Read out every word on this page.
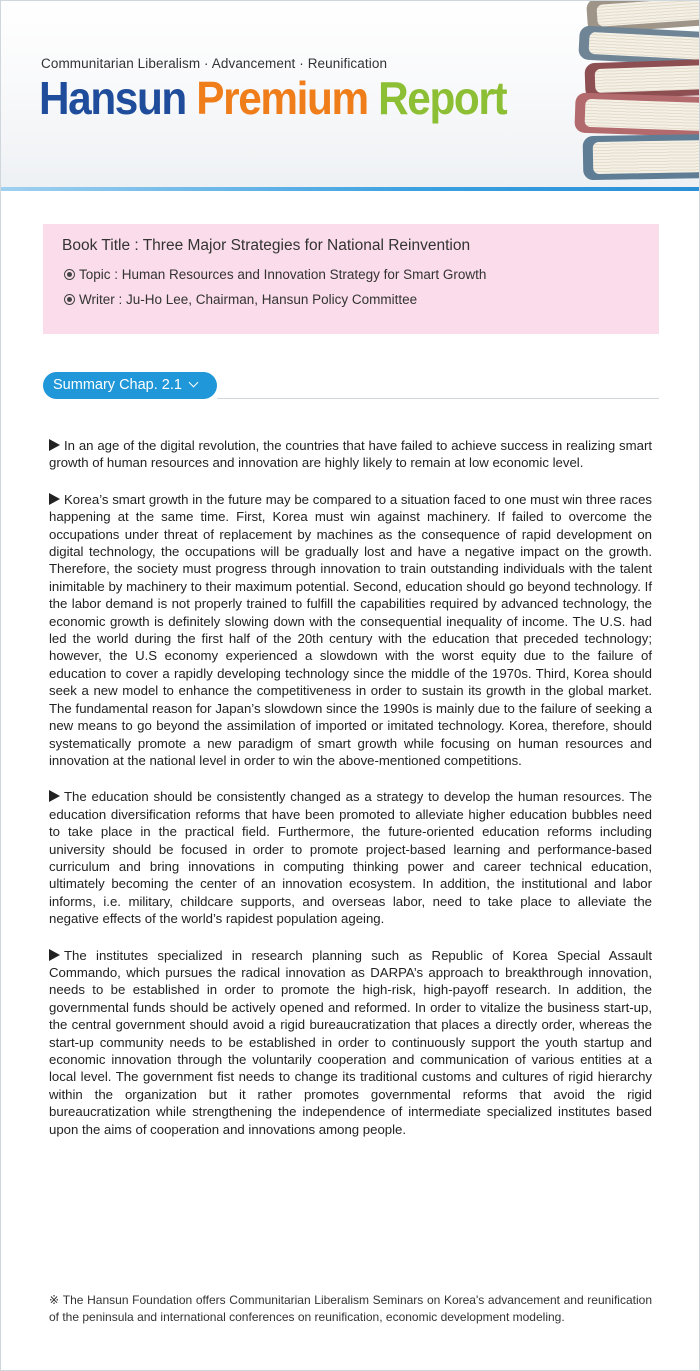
Communitarian Liberalism · Advancement · Reunification
Hansun Premium Report
Book Title : Three Major Strategies for National Reinvention
Topic : Human Resources and Innovation Strategy for Smart Growth
Writer : Ju-Ho Lee, Chairman, Hansun Policy Committee
Summary Chap. 2.1

In an age of the digital revolution, the countries that have failed to achieve success in realizing smart growth of human resources and innovation are highly likely to remain at low economic level.

Korea’s smart growth in the future may be compared to a situation faced to one must win three races happening at the same time. First, Korea must win against machinery. If failed to overcome the occupations under threat of replacement by machines as the consequence of rapid development on digital technology, the occupations will be gradually lost and have a negative impact on the growth. Therefore, the society must progress through innovation to train outstanding individuals with the talent inimitable by machinery to their maximum potential. Second, education should go beyond technology. If the labor demand is not properly trained to fulfill the capabilities required by advanced technology, the economic growth is definitely slowing down with the consequential inequality of income. The U.S. had led the world during the first half of the 20th century with the education that preceded technology; however, the U.S economy experienced a slowdown with the worst equity due to the failure of education to cover a rapidly developing technology since the middle of the 1970s. Third, Korea should seek a new model to enhance the competitiveness in order to sustain its growth in the global market. The fundamental reason for Japan’s slowdown since the 1990s is mainly due to the failure of seeking a new means to go beyond the assimilation of imported or imitated technology. Korea, therefore, should systematically promote a new paradigm of smart growth while focusing on human resources and innovation at the national level in order to win the above-mentioned competitions.

The education should be consistently changed as a strategy to develop the human resources. The education diversification reforms that have been promoted to alleviate higher education bubbles need to take place in the practical field. Furthermore, the future-oriented education reforms including university should be focused in order to promote project-based learning and performance-based curriculum and bring innovations in computing thinking power and career technical education, ultimately becoming the center of an innovation ecosystem. In addition, the institutional and labor informs, i.e. military, childcare supports, and overseas labor, need to take place to alleviate the negative effects of the world’s rapidest population ageing.

The institutes specialized in research planning such as Republic of Korea Special Assault Commando, which pursues the radical innovation as DARPA’s approach to breakthrough innovation, needs to be established in order to promote the high-risk, high-payoff research. In addition, the governmental funds should be actively opened and reformed. In order to vitalize the business start-up, the central government should avoid a rigid bureaucratization that places a directly order, whereas the start-up community needs to be established in order to continuously support the youth startup and economic innovation through the voluntarily cooperation and communication of various entities at a local level. The government fist needs to change its traditional customs and cultures of rigid hierarchy within the organization but it rather promotes governmental reforms that avoid the rigid bureaucratization while strengthening the independence of intermediate specialized institutes based upon the aims of cooperation and innovations among people.

※ The Hansun Foundation offers Communitarian Liberalism Seminars on Korea's advancement and reunification of the peninsula and international conferences on reunification, economic development modeling.
